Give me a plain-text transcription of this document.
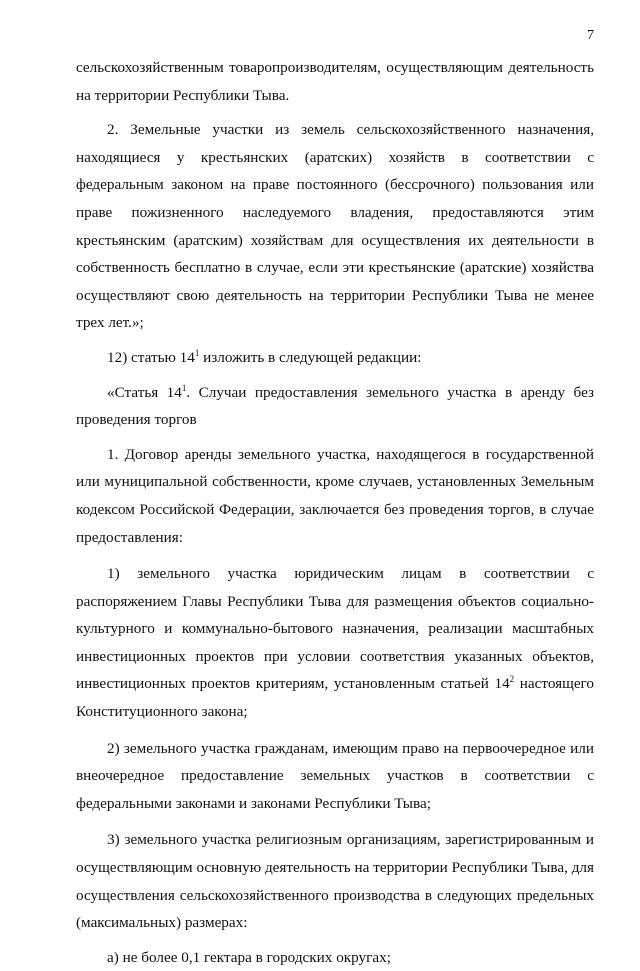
7

сельскохозяйственным товаропроизводителям, осуществляющим деятельность на территории Республики Тыва.

2. Земельные участки из земель сельскохозяйственного назначения, находящиеся у крестьянских (аратских) хозяйств в соответствии с федеральным законом на праве постоянного (бессрочного) пользования или праве пожизненного наследуемого владения, предоставляются этим крестьянским (аратским) хозяйствам для осуществления их деятельности в собственность бесплатно в случае, если эти крестьянские (аратские) хозяйства осуществляют свою деятельность на территории Республики Тыва не менее трех лет.»;

12) статью $14^1$ изложить в следующей редакции:

«Статья $14^1$. Случаи предоставления земельного участка в аренду без проведения торгов

1. Договор аренды земельного участка, находящегося в государственной или муниципальной собственности, кроме случаев, установленных Земельным кодексом Российской Федерации, заключается без проведения торгов, в случае предоставления:

1) земельного участка юридическим лицам в соответствии с распоряжением Главы Республики Тыва для размещения объектов социально-культурного и коммунально-бытового назначения, реализации масштабных инвестиционных проектов при условии соответствия указанных объектов, инвестиционных проектов критериям, установленным статьей $14^2$ настоящего Конституционного закона;

2) земельного участка гражданам, имеющим право на первоочередное или внеочередное предоставление земельных участков в соответствии с федеральными законами и законами Республики Тыва;

3) земельного участка религиозным организациям, зарегистрированным и осуществляющим основную деятельность на территории Республики Тыва, для осуществления сельскохозяйственного производства в следующих предельных (максимальных) размерах:

а) не более 0,1 гектара в городских округах;
